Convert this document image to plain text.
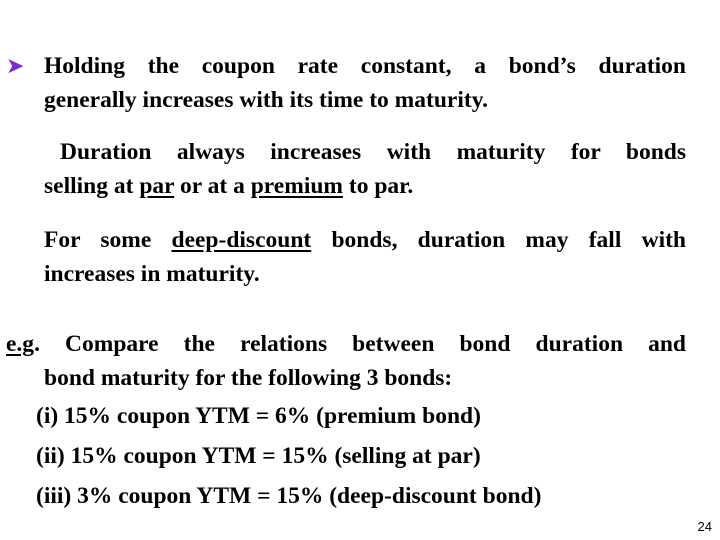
➤ Holding the coupon rate constant, a bond’s duration
generally increases with its time to maturity.
Duration always increases with maturity for bonds
selling at par or at a premium to par.
For some deep-discount bonds, duration may fall with
increases in maturity.
e.g. Compare the relations between bond duration and
bond maturity for the following 3 bonds:
(i) 15% coupon YTM = 6% (premium bond)
(ii) 15% coupon YTM = 15% (selling at par)
(iii) 3% coupon YTM = 15% (deep-discount bond)
24
